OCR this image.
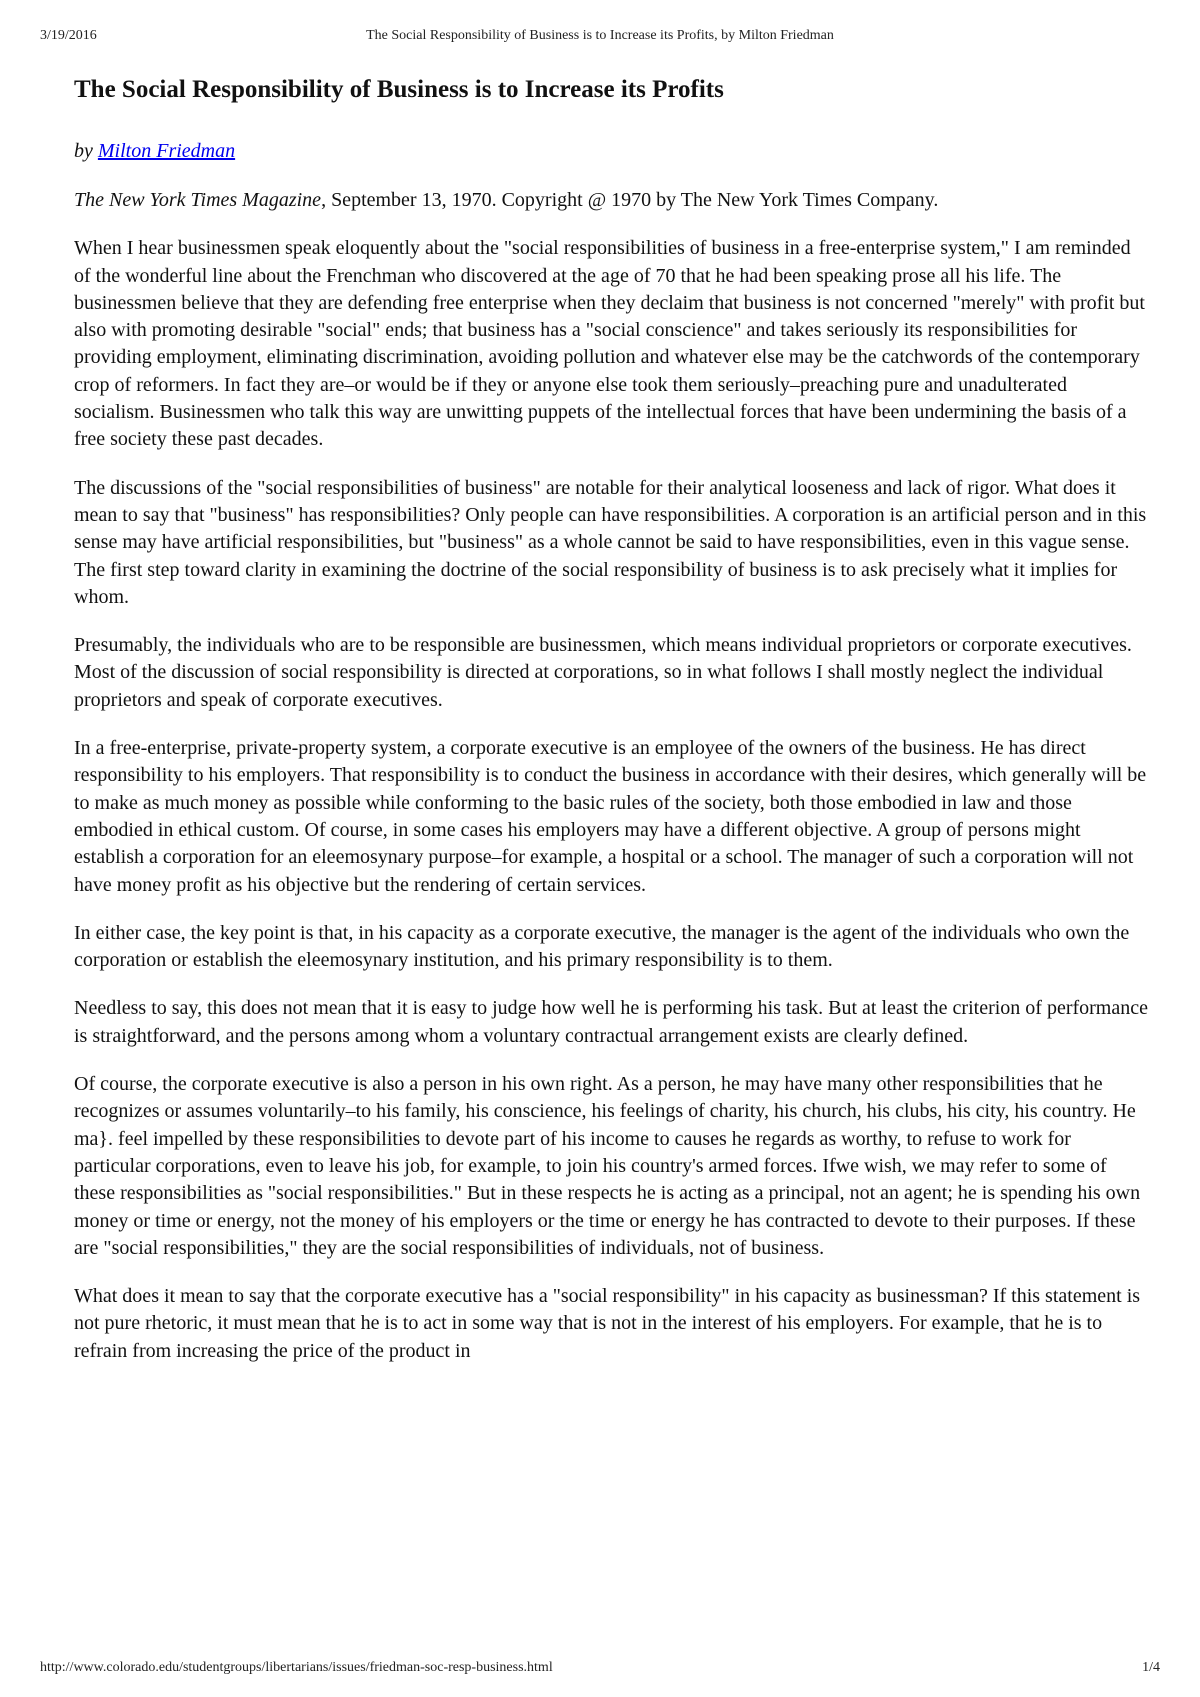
3/19/2016	The Social Responsibility of Business is to Increase its Profits, by Milton Friedman
The Social Responsibility of Business is to Increase its Profits
by Milton Friedman

The New York Times Magazine, September 13, 1970. Copyright @ 1970 by The New York Times Company.

When I hear businessmen speak eloquently about the "social responsibilities of business in a free-enterprise system," I am reminded of the wonderful line about the Frenchman who discovered at the age of 70 that he had been speaking prose all his life. The businessmen believe that they are defending free enterprise when they declaim that business is not concerned "merely" with profit but also with promoting desirable "social" ends; that business has a "social conscience" and takes seriously its responsibilities for providing employment, eliminating discrimination, avoiding pollution and whatever else may be the catchwords of the contemporary crop of reformers. In fact they are–or would be if they or anyone else took them seriously–preaching pure and unadulterated socialism. Businessmen who talk this way are unwitting puppets of the intellectual forces that have been undermining the basis of a free society these past decades.

The discussions of the "social responsibilities of business" are notable for their analytical looseness and lack of rigor. What does it mean to say that "business" has responsibilities? Only people can have responsibilities. A corporation is an artificial person and in this sense may have artificial responsibilities, but "business" as a whole cannot be said to have responsibilities, even in this vague sense. The first step toward clarity in examining the doctrine of the social responsibility of business is to ask precisely what it implies for whom.

Presumably, the individuals who are to be responsible are businessmen, which means individual proprietors or corporate executives. Most of the discussion of social responsibility is directed at corporations, so in what follows I shall mostly neglect the individual proprietors and speak of corporate executives.

In a free-enterprise, private-property system, a corporate executive is an employee of the owners of the business. He has direct responsibility to his employers. That responsibility is to conduct the business in accordance with their desires, which generally will be to make as much money as possible while conforming to the basic rules of the society, both those embodied in law and those embodied in ethical custom. Of course, in some cases his employers may have a different objective. A group of persons might establish a corporation for an eleemosynary purpose–for example, a hospital or a school. The manager of such a corporation will not have money profit as his objective but the rendering of certain services.

In either case, the key point is that, in his capacity as a corporate executive, the manager is the agent of the individuals who own the corporation or establish the eleemosynary institution, and his primary responsibility is to them.

Needless to say, this does not mean that it is easy to judge how well he is performing his task. But at least the criterion of performance is straightforward, and the persons among whom a voluntary contractual arrangement exists are clearly defined.

Of course, the corporate executive is also a person in his own right. As a person, he may have many other responsibilities that he recognizes or assumes voluntarily–to his family, his conscience, his feelings of charity, his church, his clubs, his city, his country. He ma}. feel impelled by these responsibilities to devote part of his income to causes he regards as worthy, to refuse to work for particular corporations, even to leave his job, for example, to join his country's armed forces. Ifwe wish, we may refer to some of these responsibilities as "social responsibilities." But in these respects he is acting as a principal, not an agent; he is spending his own money or time or energy, not the money of his employers or the time or energy he has contracted to devote to their purposes. If these are "social responsibilities," they are the social responsibilities of individuals, not of business.

What does it mean to say that the corporate executive has a "social responsibility" in his capacity as businessman? If this statement is not pure rhetoric, it must mean that he is to act in some way that is not in the interest of his employers. For example, that he is to refrain from increasing the price of the product in

http://www.colorado.edu/studentgroups/libertarians/issues/friedman-soc-resp-business.html	1/4
